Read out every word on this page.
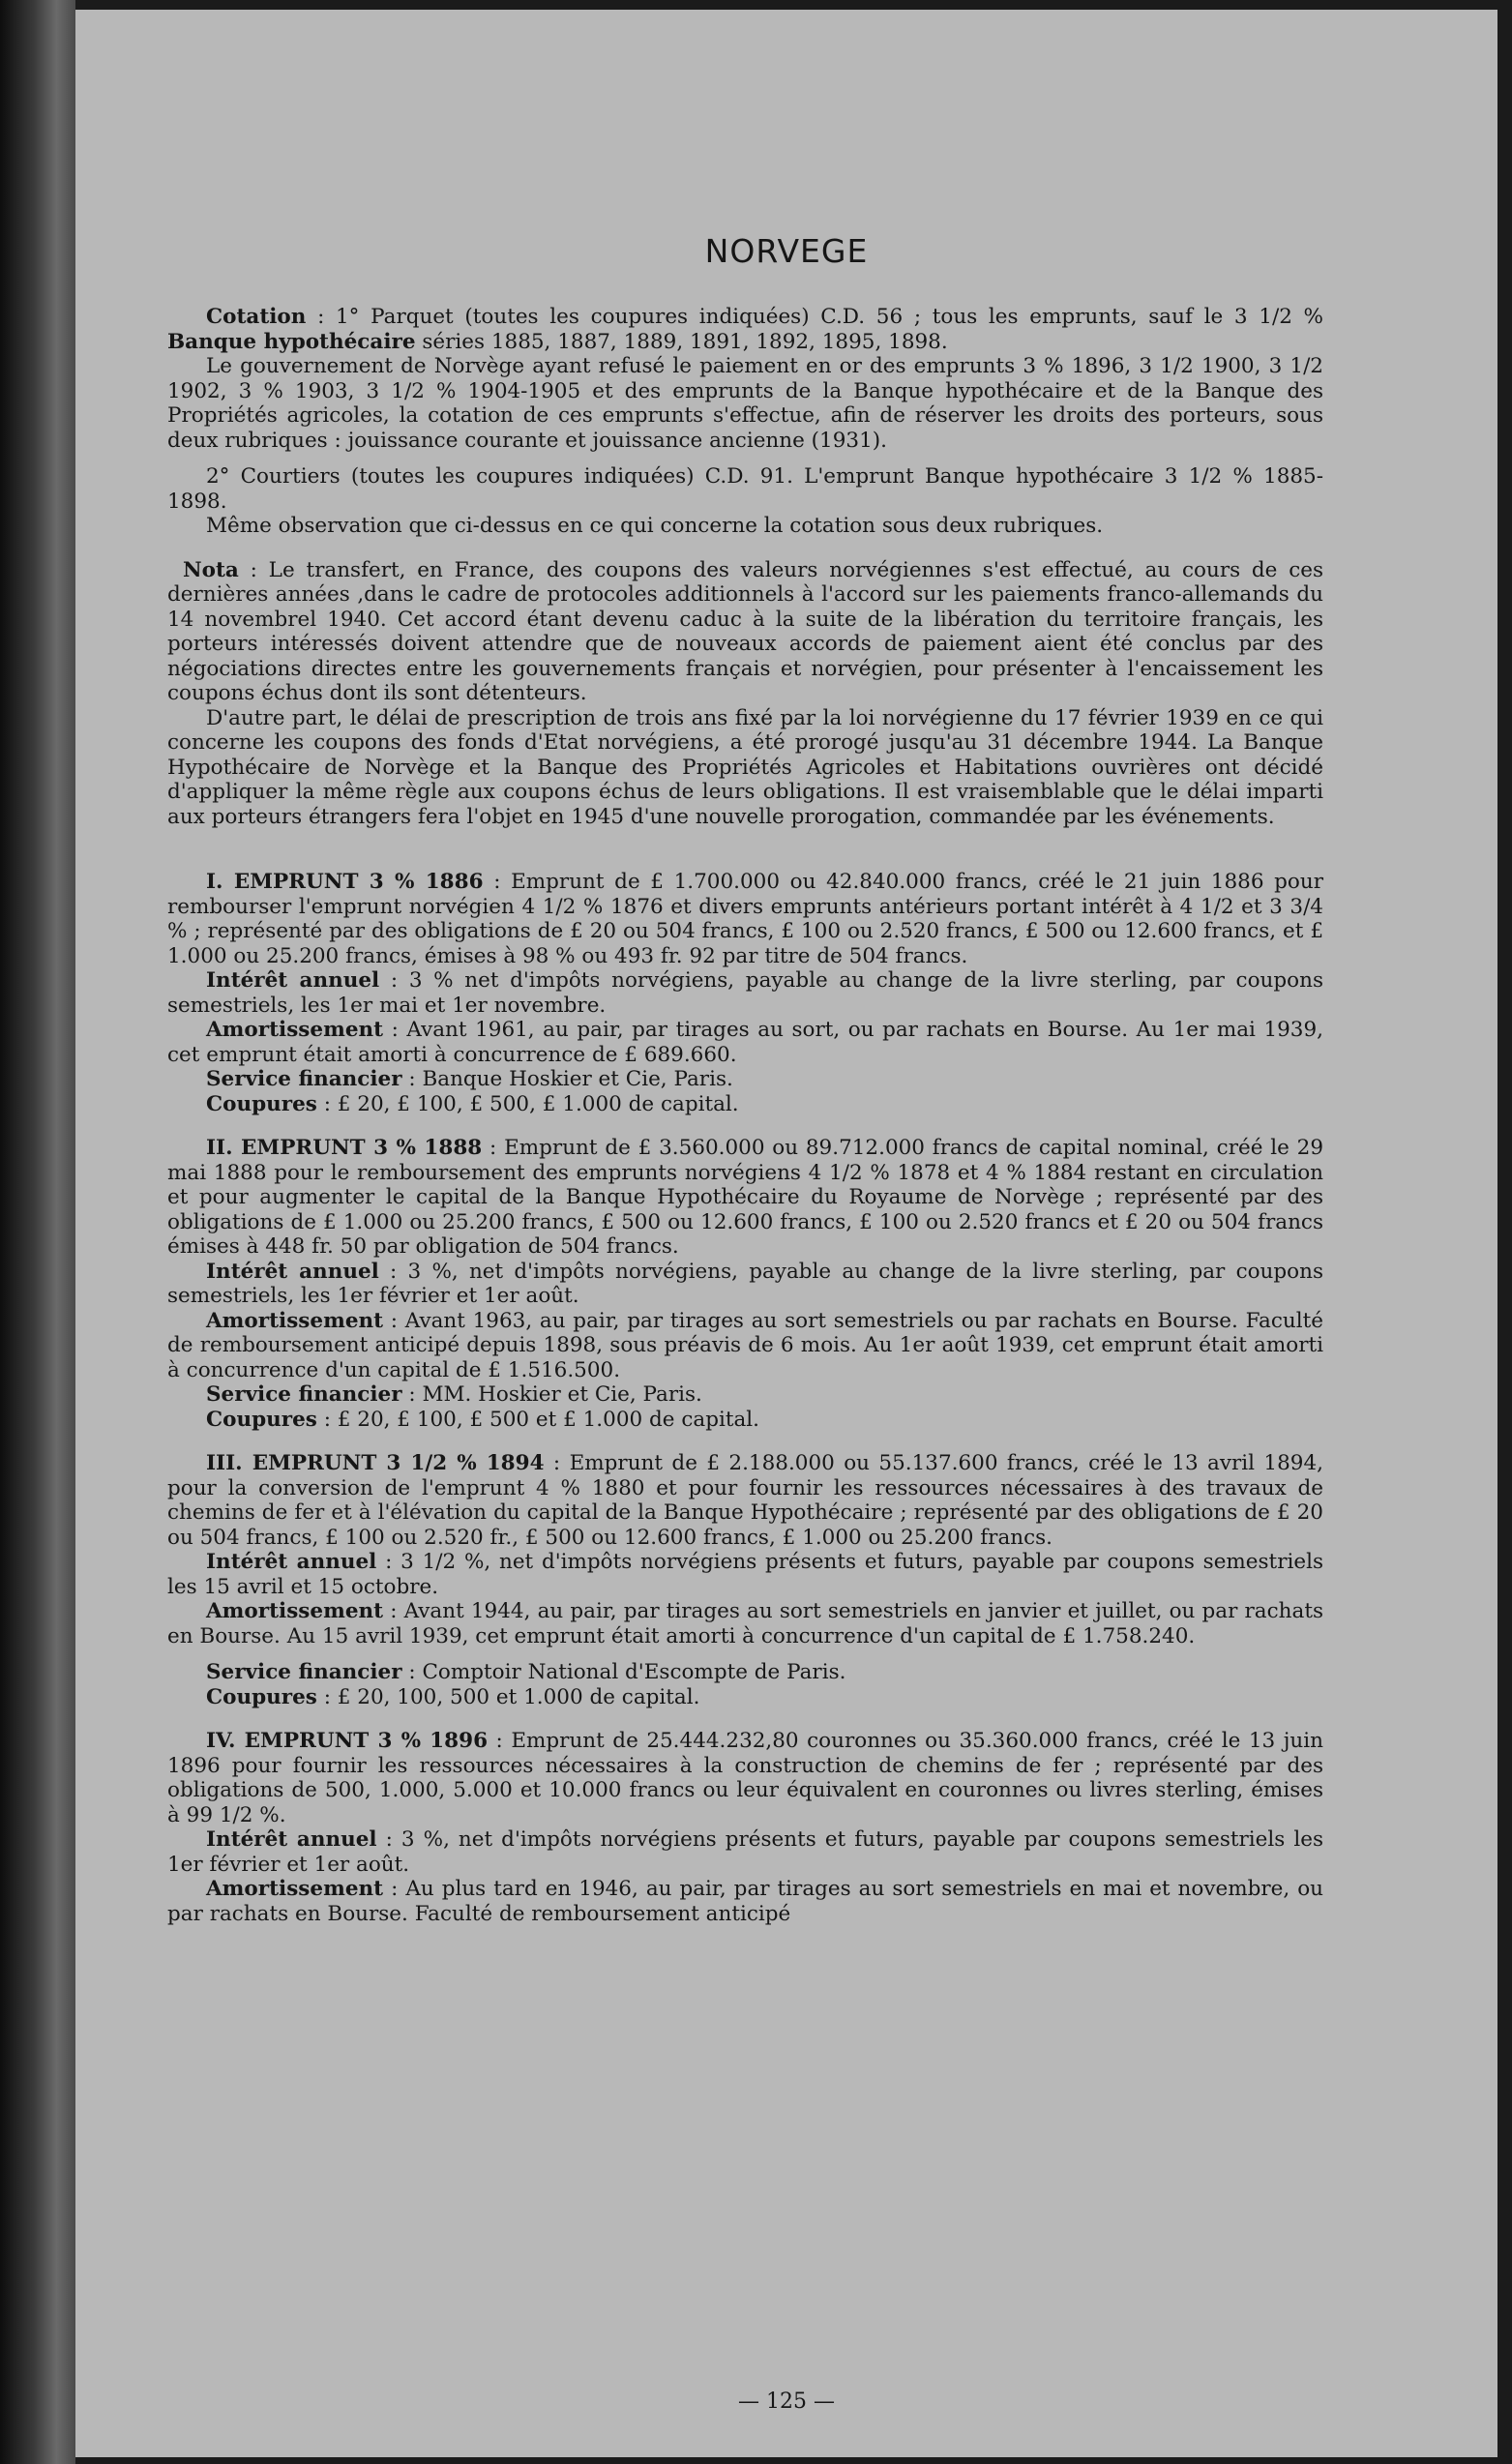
NORVEGE

Cotation : 1° Parquet (toutes les coupures indiquées) C.D. 56 ; tous les emprunts, sauf le 3 1/2 % Banque hypothécaire séries 1885, 1887, 1889, 1891, 1892, 1895, 1898.

Le gouvernement de Norvège ayant refusé le paiement en or des emprunts 3 % 1896, 3 1/2 1900, 3 1/2 1902, 3 % 1903, 3 1/2 % 1904-1905 et des emprunts de la Banque hypothécaire et de la Banque des Propriétés agricoles, la cotation de ces emprunts s'effectue, afin de réserver les droits des porteurs, sous deux rubriques : jouissance courante et jouissance ancienne (1931).

2° Courtiers (toutes les coupures indiquées) C.D. 91. L'emprunt Banque hypothécaire 3 1/2 % 1885-1898.

Même observation que ci-dessus en ce qui concerne la cotation sous deux rubriques.

Nota : Le transfert, en France, des coupons des valeurs norvégiennes s'est effectué, au cours de ces dernières années ,dans le cadre de protocoles additionnels à l'accord sur les paiements franco-allemands du 14 novembrel 1940. Cet accord étant devenu caduc à la suite de la libération du territoire français, les porteurs intéressés doivent attendre que de nouveaux accords de paiement aient été conclus par des négociations directes entre les gouvernements français et norvégien, pour présenter à l'encaissement les coupons échus dont ils sont détenteurs.

D'autre part, le délai de prescription de trois ans fixé par la loi norvégienne du 17 février 1939 en ce qui concerne les coupons des fonds d'Etat norvégiens, a été prorogé jusqu'au 31 décembre 1944. La Banque Hypothécaire de Norvège et la Banque des Propriétés Agricoles et Habitations ouvrières ont décidé d'appliquer la même règle aux coupons échus de leurs obligations. Il est vraisemblable que le délai imparti aux porteurs étrangers fera l'objet en 1945 d'une nouvelle prorogation, commandée par les événements.

I. EMPRUNT 3 % 1886 : Emprunt de £ 1.700.000 ou 42.840.000 francs, créé le 21 juin 1886 pour rembourser l'emprunt norvégien 4 1/2 % 1876 et divers emprunts antérieurs portant intérêt à 4 1/2 et 3 3/4 % ; représenté par des obligations de £ 20 ou 504 francs, £ 100 ou 2.520 francs, £ 500 ou 12.600 francs, et £ 1.000 ou 25.200 francs, émises à 98 % ou 493 fr. 92 par titre de 504 francs.

Intérêt annuel : 3 % net d'impôts norvégiens, payable au change de la livre sterling, par coupons semestriels, les 1er mai et 1er novembre.

Amortissement : Avant 1961, au pair, par tirages au sort, ou par rachats en Bourse. Au 1er mai 1939, cet emprunt était amorti à concurrence de £ 689.660.

Service financier : Banque Hoskier et Cie, Paris.

Coupures : £ 20, £ 100, £ 500, £ 1.000 de capital.

II. EMPRUNT 3 % 1888 : Emprunt de £ 3.560.000 ou 89.712.000 francs de capital nominal, créé le 29 mai 1888 pour le remboursement des emprunts norvégiens 4 1/2 % 1878 et 4 % 1884 restant en circulation et pour augmenter le capital de la Banque Hypothécaire du Royaume de Norvège ; représenté par des obligations de £ 1.000 ou 25.200 francs, £ 500 ou 12.600 francs, £ 100 ou 2.520 francs et £ 20 ou 504 francs émises à 448 fr. 50 par obligation de 504 francs.

Intérêt annuel : 3 %, net d'impôts norvégiens, payable au change de la livre sterling, par coupons semestriels, les 1er février et 1er août.

Amortissement : Avant 1963, au pair, par tirages au sort semestriels ou par rachats en Bourse. Faculté de remboursement anticipé depuis 1898, sous préavis de 6 mois. Au 1er août 1939, cet emprunt était amorti à concurrence d'un capital de £ 1.516.500.

Service financier : MM. Hoskier et Cie, Paris.

Coupures : £ 20, £ 100, £ 500 et £ 1.000 de capital.

III. EMPRUNT 3 1/2 % 1894 : Emprunt de £ 2.188.000 ou 55.137.600 francs, créé le 13 avril 1894, pour la conversion de l'emprunt 4 % 1880 et pour fournir les ressources nécessaires à des travaux de chemins de fer et à l'élévation du capital de la Banque Hypothécaire ; représenté par des obligations de £ 20 ou 504 francs, £ 100 ou 2.520 fr., £ 500 ou 12.600 francs, £ 1.000 ou 25.200 francs.

Intérêt annuel : 3 1/2 %, net d'impôts norvégiens présents et futurs, payable par coupons semestriels les 15 avril et 15 octobre.

Amortissement : Avant 1944, au pair, par tirages au sort semestriels en janvier et juillet, ou par rachats en Bourse. Au 15 avril 1939, cet emprunt était amorti à concurrence d'un capital de £ 1.758.240.

Service financier : Comptoir National d'Escompte de Paris.

Coupures : £ 20, 100, 500 et 1.000 de capital.

IV. EMPRUNT 3 % 1896 : Emprunt de 25.444.232,80 couronnes ou 35.360.000 francs, créé le 13 juin 1896 pour fournir les ressources nécessaires à la construction de chemins de fer ; représenté par des obligations de 500, 1.000, 5.000 et 10.000 francs ou leur équivalent en couronnes ou livres sterling, émises à 99 1/2 %.

Intérêt annuel : 3 %, net d'impôts norvégiens présents et futurs, payable par coupons semestriels les 1er février et 1er août.

Amortissement : Au plus tard en 1946, au pair, par tirages au sort semestriels en mai et novembre, ou par rachats en Bourse. Faculté de remboursement anticipé

— 125 —
